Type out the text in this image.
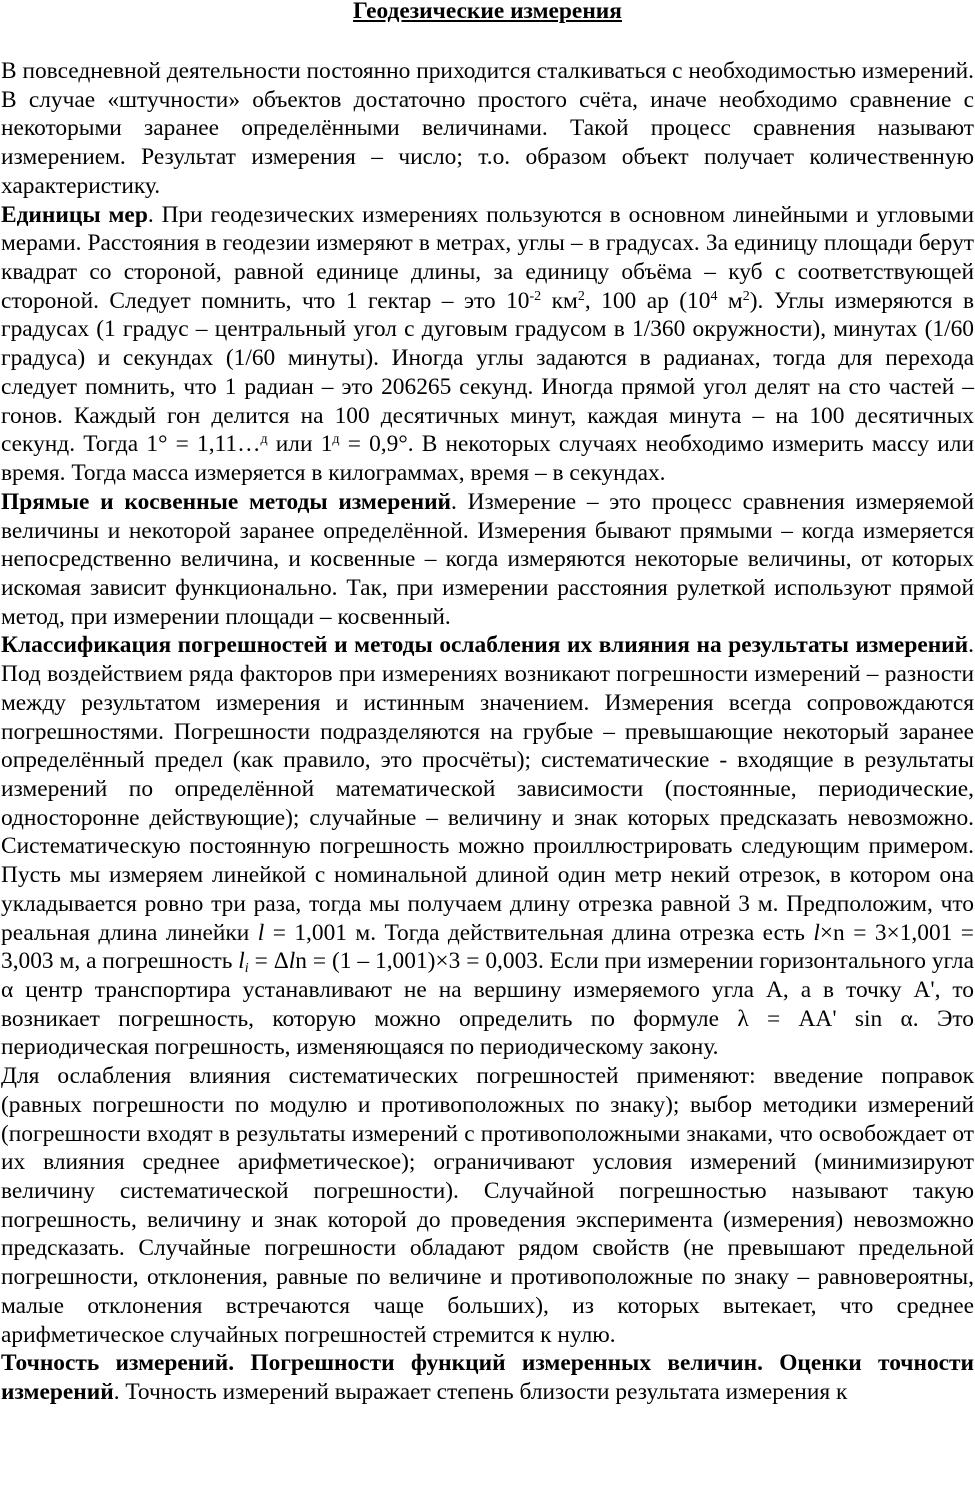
Геодезические измерения

В повседневной деятельности постоянно приходится сталкиваться с необходимостью измерений. В случае «штучности» объектов достаточно простого счёта, иначе необходимо сравнение с некоторыми заранее определёнными величинами. Такой процесс сравнения называют измерением. Результат измерения – число; т.о. образом объект получает количественную характеристику.

Единицы мер. При геодезических измерениях пользуются в основном линейными и угловыми мерами. Расстояния в геодезии измеряют в метрах, углы – в градусах. За единицу площади берут квадрат со стороной, равной единице длины, за единицу объёма – куб с соответствующей стороной. Следует помнить, что 1 гектар – это $10^{-2}$ $км^2$, 100 ар ($10^4$ $м^2$). Углы измеряются в градусах (1 градус – центральный угол с дуговым градусом в 1/360 окружности), минутах (1/60 градуса) и секундах (1/60 минуты). Иногда углы задаются в радианах, тогда для перехода следует помнить, что 1 радиан – это 206265 секунд. Иногда прямой угол делят на сто частей – гонов. Каждый гон делится на 100 десятичных минут, каждая минута – на 100 десятичных секунд. Тогда 1° = 1,11…$^д$ или $1^д = 0,9^\circ$. В некоторых случаях необходимо измерить массу или время. Тогда масса измеряется в килограммах, время – в секундах.

Прямые и косвенные методы измерений. Измерение – это процесс сравнения измеряемой величины и некоторой заранее определённой. Измерения бывают прямыми – когда измеряется непосредственно величина, и косвенные – когда измеряются некоторые величины, от которых искомая зависит функционально. Так, при измерении расстояния рулеткой используют прямой метод, при измерении площади – косвенный.

Классификация погрешностей и методы ослабления их влияния на результаты измерений. Под воздействием ряда факторов при измерениях возникают погрешности измерений – разности между результатом измерения и истинным значением. Измерения всегда сопровождаются погрешностями. Погрешности подразделяются на грубые – превышающие некоторый заранее определённый предел (как правило, это просчёты); систематические - входящие в результаты измерений по определённой математической зависимости (постоянные, периодические, односторонне действующие); случайные – величину и знак которых предсказать невозможно. Систематическую постоянную погрешность можно проиллюстрировать следующим примером. Пусть мы измеряем линейкой с номинальной длиной один метр некий отрезок, в котором она укладывается ровно три раза, тогда мы получаем длину отрезка равной 3 м. Предположим, что реальная длина линейки l = 1,001 м. Тогда действительная длина отрезка есть l×n = 3×1,001 = 3,003 м, а погрешность $l_i = \Delta\ln = (1 - 1,001)\times 3 = 0,003$. Если при измерении горизонтального угла α центр транспортира устанавливают не на вершину измеряемого угла А, а в точку А', то возникает погрешность, которую можно определить по формуле λ = АА' sin α. Это периодическая погрешность, изменяющаяся по периодическому закону.

Для ослабления влияния систематических погрешностей применяют: введение поправок (равных погрешности по модулю и противоположных по знаку); выбор методики измерений (погрешности входят в результаты измерений с противоположными знаками, что освобождает от их влияния среднее арифметическое); ограничивают условия измерений (минимизируют величину систематической погрешности). Случайной погрешностью называют такую погрешность, величину и знак которой до проведения эксперимента (измерения) невозможно предсказать. Случайные погрешности обладают рядом свойств (не превышают предельной погрешности, отклонения, равные по величине и противоположные по знаку – равновероятны, малые отклонения встречаются чаще больших), из которых вытекает, что среднее арифметическое случайных погрешностей стремится к нулю.

Точность измерений. Погрешности функций измеренных величин. Оценки точности измерений. Точность измерений выражает степень близости результата измерения к
